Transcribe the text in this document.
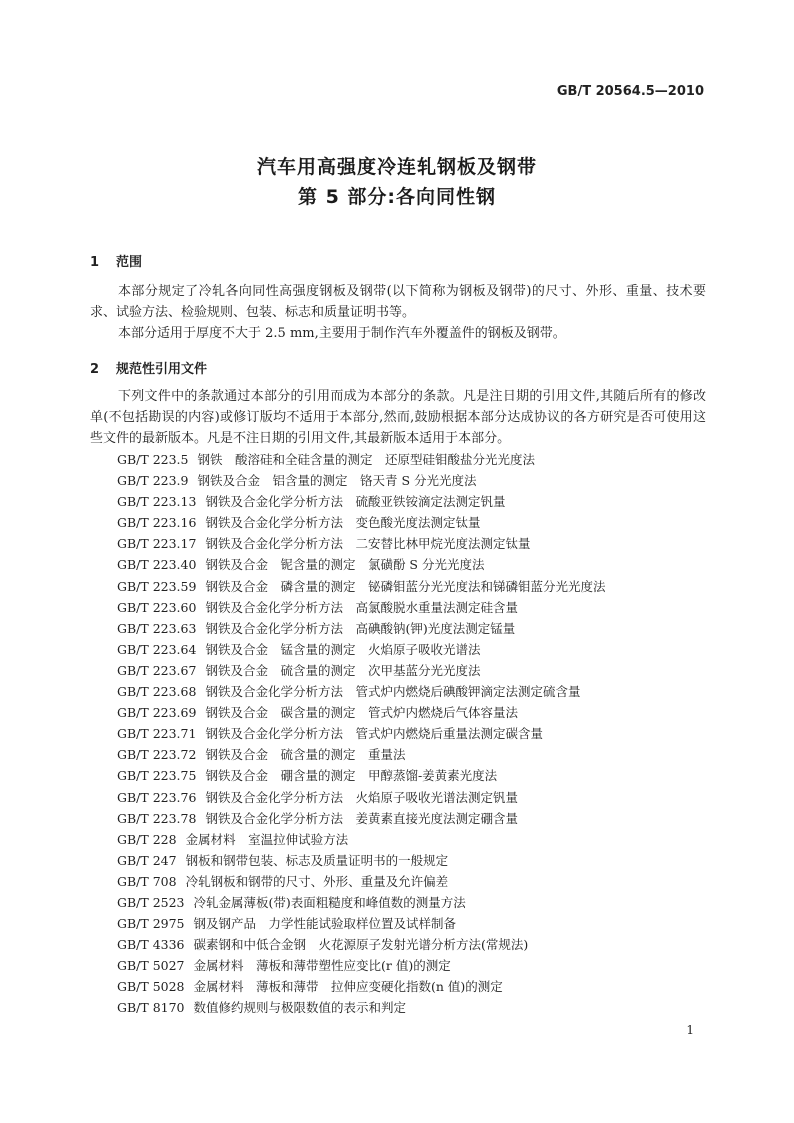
GB/T 20564.5—2010
汽车用高强度冷连轧钢板及钢带
第 5 部分:各向同性钢
1 范围

本部分规定了冷轧各向同性高强度钢板及钢带(以下简称为钢板及钢带)的尺寸、外形、重量、技术要求、试验方法、检验规则、包装、标志和质量证明书等。

本部分适用于厚度不大于 2.5 mm,主要用于制作汽车外覆盖件的钢板及钢带。

2 规范性引用文件

下列文件中的条款通过本部分的引用而成为本部分的条款。凡是注日期的引用文件,其随后所有的修改单(不包括勘误的内容)或修订版均不适用于本部分,然而,鼓励根据本部分达成协议的各方研究是否可使用这些文件的最新版本。凡是不注日期的引用文件,其最新版本适用于本部分。

GB/T 223.5 钢铁　酸溶硅和全硅含量的测定　还原型硅钼酸盐分光光度法
GB/T 223.9 钢铁及合金　铝含量的测定　铬天青 S 分光光度法
GB/T 223.13 钢铁及合金化学分析方法　硫酸亚铁铵滴定法测定钒量
GB/T 223.16 钢铁及合金化学分析方法　变色酸光度法测定钛量
GB/T 223.17 钢铁及合金化学分析方法　二安替比林甲烷光度法测定钛量
GB/T 223.40 钢铁及合金　铌含量的测定　氯磺酚 S 分光光度法
GB/T 223.59 钢铁及合金　磷含量的测定　铋磷钼蓝分光光度法和锑磷钼蓝分光光度法
GB/T 223.60 钢铁及合金化学分析方法　高氯酸脱水重量法测定硅含量
GB/T 223.63 钢铁及合金化学分析方法　高碘酸钠(钾)光度法测定锰量
GB/T 223.64 钢铁及合金　锰含量的测定　火焰原子吸收光谱法
GB/T 223.67 钢铁及合金　硫含量的测定　次甲基蓝分光光度法
GB/T 223.68 钢铁及合金化学分析方法　管式炉内燃烧后碘酸钾滴定法测定硫含量
GB/T 223.69 钢铁及合金　碳含量的测定　管式炉内燃烧后气体容量法
GB/T 223.71 钢铁及合金化学分析方法　管式炉内燃烧后重量法测定碳含量
GB/T 223.72 钢铁及合金　硫含量的测定　重量法
GB/T 223.75 钢铁及合金　硼含量的测定　甲醇蒸馏-姜黄素光度法
GB/T 223.76 钢铁及合金化学分析方法　火焰原子吸收光谱法测定钒量
GB/T 223.78 钢铁及合金化学分析方法　姜黄素直接光度法测定硼含量
GB/T 228 金属材料　室温拉伸试验方法
GB/T 247 钢板和钢带包装、标志及质量证明书的一般规定
GB/T 708 冷轧钢板和钢带的尺寸、外形、重量及允许偏差
GB/T 2523 冷轧金属薄板(带)表面粗糙度和峰值数的测量方法
GB/T 2975 钢及钢产品　力学性能试验取样位置及试样制备
GB/T 4336 碳素钢和中低合金钢　火花源原子发射光谱分析方法(常规法)
GB/T 5027 金属材料　薄板和薄带塑性应变比(r 值)的测定
GB/T 5028 金属材料　薄板和薄带　拉伸应变硬化指数(n 值)的测定
GB/T 8170 数值修约规则与极限数值的表示和判定
1
